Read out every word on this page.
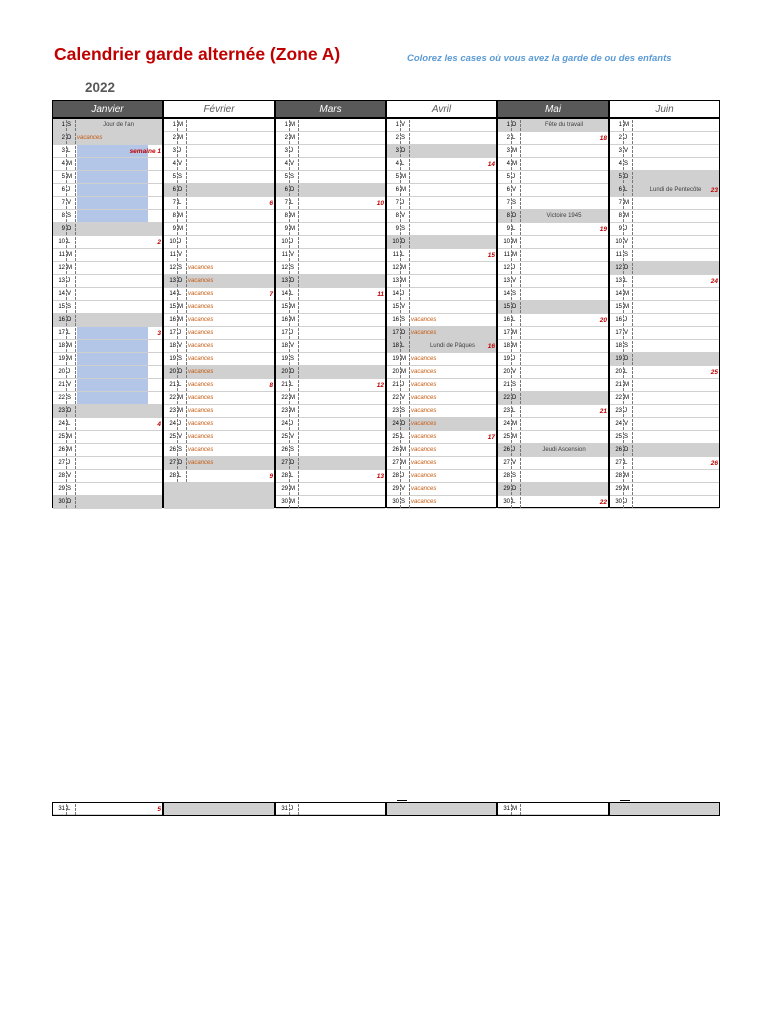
Calendrier garde alternée (Zone A)	Colorez les cases où vous avez la garde de ou des enfants
2022
Janvier
1 S	Jour de l'an
2 D vacances
3 L	semaine 1
4 M
5 M
6 J
7 V
8 S
9 D
10 L	2
11 M
12 M
13 J
14 V
15 S
16 D
17 L	3
18 M
19 M
20 J
21 V
22 S
23 D
24 L	4
25 M
26 M
27 J
28 V
29 S
30 D
31 L	5
Février
1 M
2 M
3 J
4 V
5 S
6 D
7 L	6
8 M
9 M
10 J
11 V
12 S vacances
13 D vacances
14 L	vacances	7
15 M vacances
16 M vacances
17 J	vacances
18 V vacances
19 S vacances
20 D vacances
21 L	vacances	8
22 M vacances
23 M vacances
24 J	vacances
25 V vacances
26 S vacances
27 D vacances
28 L	9
Mars
1 M
2 M
3 J
4 V
5 S
6 D
7 L	10
8 M
9 M
10 J
11 V
12 S
13 D
14 L	11
15 M
16 M
17 J
18 V
19 S
20 D
21 L	12
22 M
23 M
24 J
25 V
26 S
27 D
28 L	13
29 M
30 M
31 J
Avril
1 V
2 S
3 D
4 L	14
5 M
6 M
7 J
8 V
9 S
10 D
11 L	15
12 M
13 M
14 J
15 V
16 S vacances
17 D vacances
18 L	Lundi de Pâques	16
19 M vacances
20 M vacances
21 J	vacances
22 V vacances
23 S vacances
24 D vacances
25 L	vacances	17
26 M vacances
27 M vacances
28 J	vacances
29 V vacances
30 S vacances
Mai
1 D	Fête du travail
2 L	18
3 M
4 M
5 J
6 V
7 S
8 D	Victoire 1945
9 L	19
10 M
11 M
12 J
13 V
14 S
15 D
16 L	20
17 M
18 M
19 J
20 V
21 S
22 D
23 L	21
24 M
25 M
26 J	Jeudi Ascension
27 V
28 S
29 D
30 L	22
31 M
Juin
1 M
2 J
3 V
4 S
5 D
6 L	Lundi de Pentecôte	23
7 M
8 M
9 J
10 V
11 S
12 D
13 L	24
14 M
15 M
16 J
17 V
18 S
19 D
20 L	25
21 M
22 M
23 J
24 V
25 S
26 D
27 L	26
28 M
29 M
30 J
